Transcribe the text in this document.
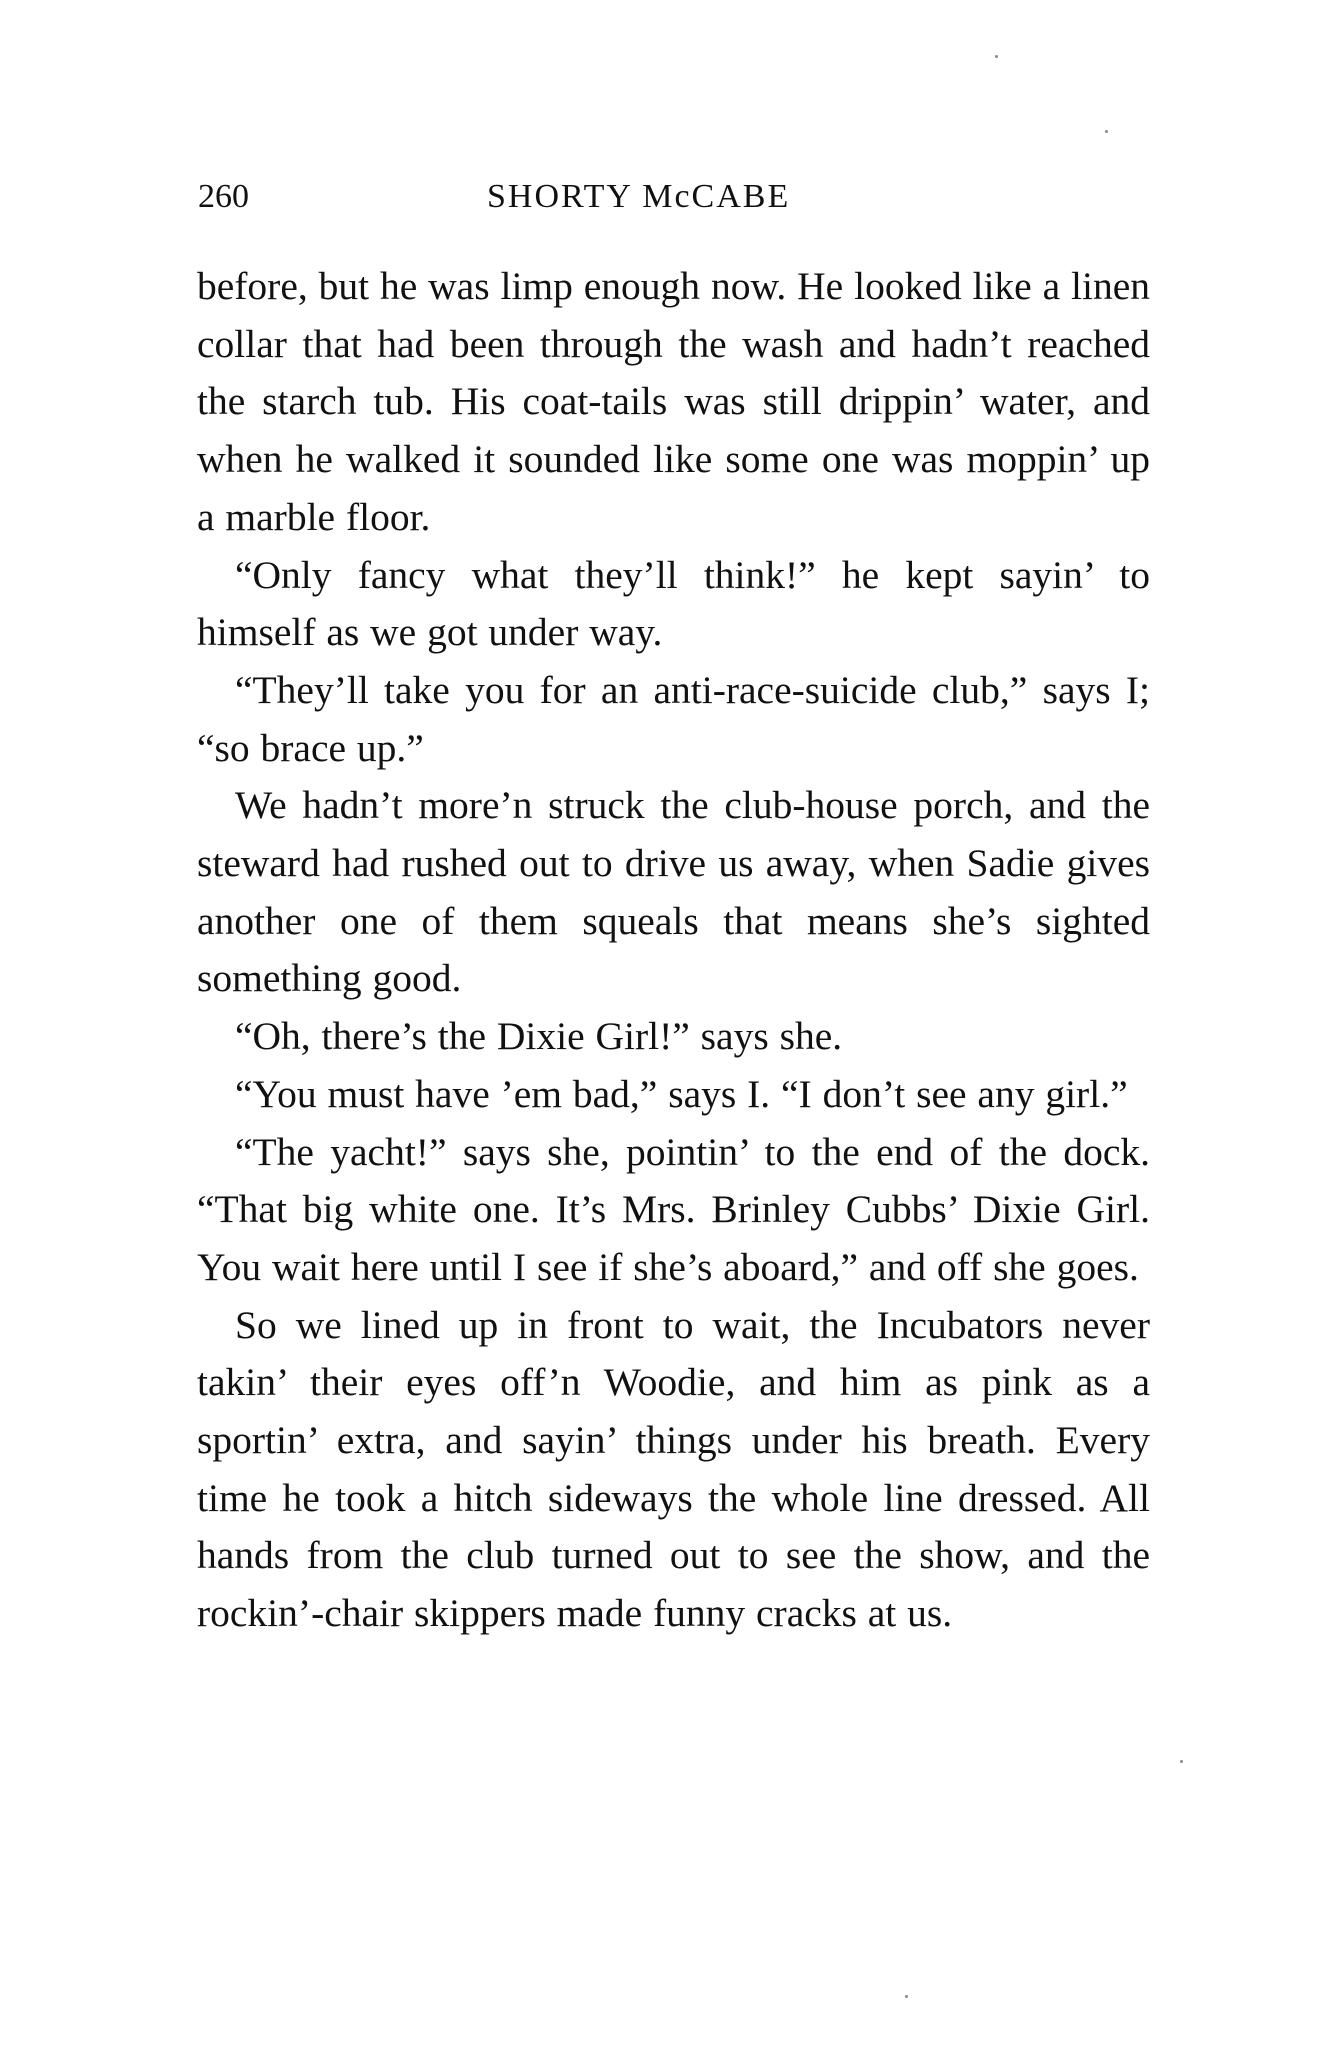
260	SHORTY McCABE

before, but he was limp enough now. He looked like a linen collar that had been through the wash and hadn’t reached the starch tub. His coat-tails was still drippin’ water, and when he walked it sounded like some one was moppin’ up a marble floor.

“Only fancy what they’ll think!” he kept sayin’ to himself as we got under way.

“They’ll take you for an anti-race-suicide club,” says I; “so brace up.”

We hadn’t more’n struck the club-house porch, and the steward had rushed out to drive us away, when Sadie gives another one of them squeals that means she’s sighted something good.

“Oh, there’s the Dixie Girl!” says she.

“You must have ’em bad,” says I. “I don’t see any girl.”

“The yacht!” says she, pointin’ to the end of the dock. “That big white one. It’s Mrs. Brinley Cubbs’ Dixie Girl. You wait here until I see if she’s aboard,” and off she goes.

So we lined up in front to wait, the Incubators never takin’ their eyes off’n Woodie, and him as pink as a sportin’ extra, and sayin’ things under his breath. Every time he took a hitch sideways the whole line dressed. All hands from the club turned out to see the show, and the rockin’-chair skippers made funny cracks at us.
